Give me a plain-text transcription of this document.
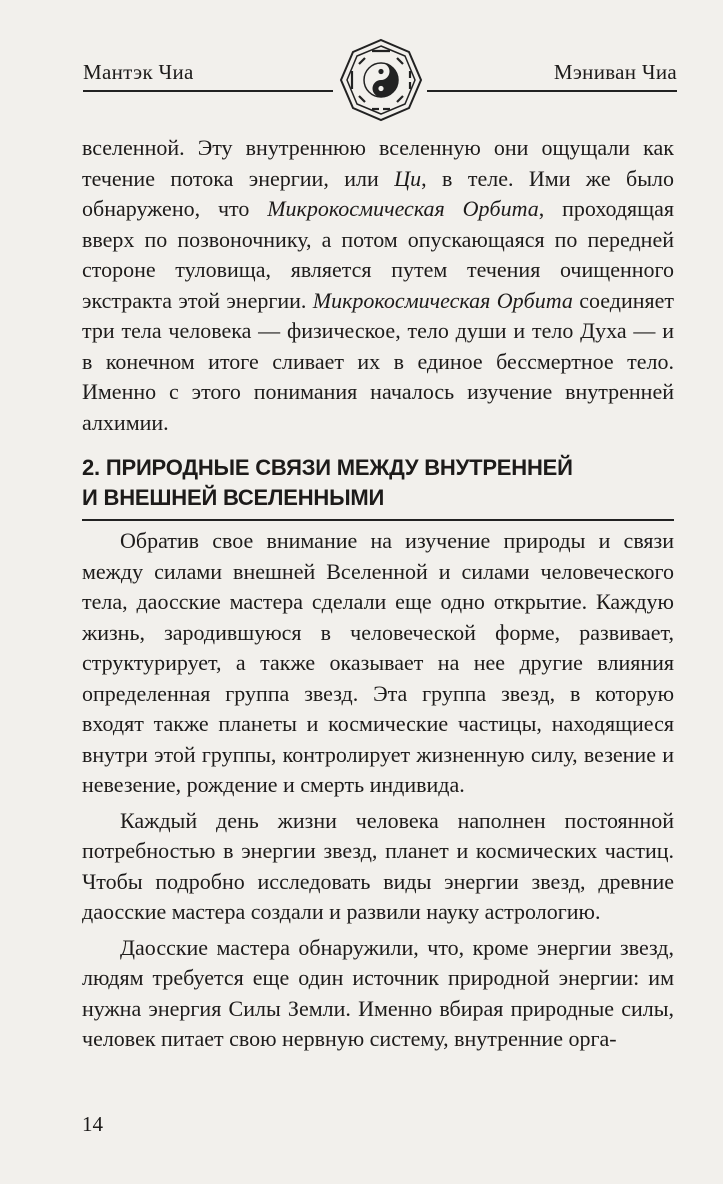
Мантэк Чиа	Мэниван Чиа

вселенной. Эту внутреннюю вселенную они ощущали как течение потока энергии, или Ци, в теле. Ими же было обнаружено, что Микрокосмическая Орбита, проходящая вверх по позвоночнику, а потом опускающаяся по передней стороне туловища, является путем течения очищенного экстракта этой энергии. Микрокосмическая Орбита соединяет три тела человека — физическое, тело души и тело Духа — и в конечном итоге сливает их в единое бессмертное тело. Именно с этого понимания началось изучение внутренней алхимии.

2. ПРИРОДНЫЕ СВЯЗИ МЕЖДУ ВНУТРЕННЕЙ
И ВНЕШНЕЙ ВСЕЛЕННЫМИ

Обратив свое внимание на изучение природы и связи между силами внешней Вселенной и силами человеческого тела, даосские мастера сделали еще одно открытие. Каждую жизнь, зародившуюся в человеческой форме, развивает, структурирует, а также оказывает на нее другие влияния определенная группа звезд. Эта группа звезд, в которую входят также планеты и космические частицы, находящиеся внутри этой группы, контролирует жизненную силу, везение и невезение, рождение и смерть индивида.

Каждый день жизни человека наполнен постоянной потребностью в энергии звезд, планет и космических частиц. Чтобы подробно исследовать виды энергии звезд, древние даосские мастера создали и развили науку астрологию.

Даосские мастера обнаружили, что, кроме энергии звезд, людям требуется еще один источник природной энергии: им нужна энергия Силы Земли. Именно вбирая природные силы, человек питает свою нервную систему, внутренние орга-

14
